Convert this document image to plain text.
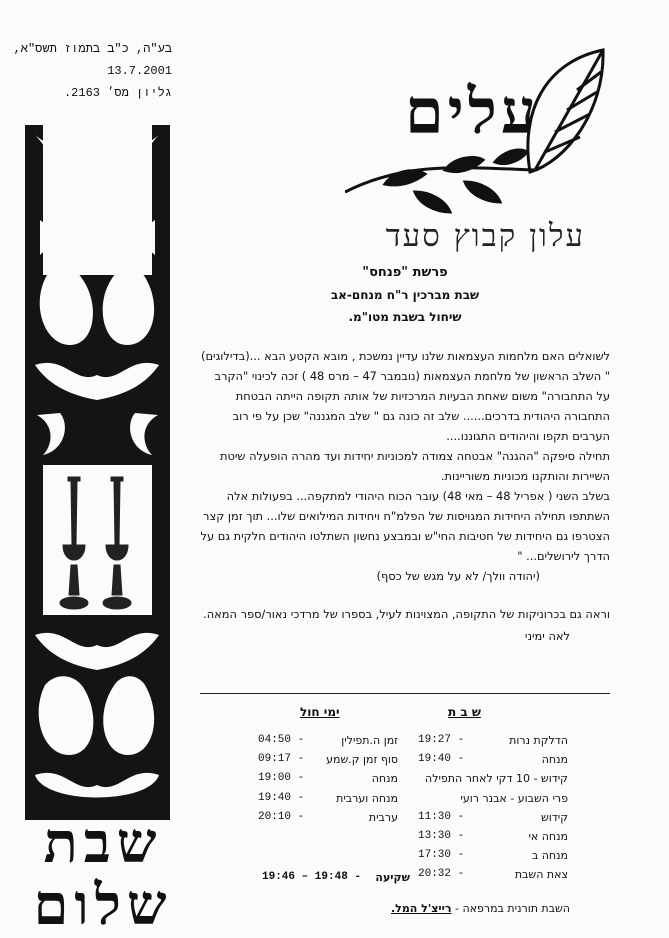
בע"ה, כ"ב בתמוז תשס"א,
13.7.2001
גליון מס׳ 2163.
שבת
שלום
עלים
עלון קבוץ סעד
פרשת "פנחס"
שבת מברכין ר"ח מנחם-אב
שיחול בשבת מטו"מ.

לשואלים האם מלחמות העצמאות שלנו עדיין נמשכת , מובא הקטע הבא ...(בדילוגים)

" השלב הראשון של מלחמת העצמאות (נובמבר 47 – מרס 48 ) זכה לכינוי "הקרב על התחבורה" משום שאחת הבעיות המרכזיות של אותה תקופה הייתה הבטחת התחבורה היהודית בדרכים...... שלב זה כונה גם " שלב המגננה" שכן על פי רוב הערבים תקפו והיהודים התגוננו....

תחילה סיפקה "ההגנה" אבטחה צמודה למכוניות יחידות ועד מהרה הופעלה שיטת השיירות והותקנו מכוניות משוריינות.

בשלב השני ( אפריל 48 – מאי 48) עובר הכוח היהודי למתקפה... בפעולות אלה השתתפו תחילה היחידות המגויסות של הפלמ"ח ויחידות המילואים שלו... תוך זמן קצר הצטרפו גם היחידות של חטיבות החי"ש ובמבצע נחשון השתלטו היהודים חלקית גם על הדרך לירושלים... "

(יהודה וולך/ לא על מגש של כסף)

וראה גם בכרוניקות של התקופה, המצוינות לעיל, בספרו של מרדכי נאור/ספר המאה.

לאה ימיני

ש ב ת
הדלקת נרות
19:27 -
מנחה
19:40 -
קידוש - 10 דקי לאחר התפילה
פרי השבוע - אבנר רועי
קידוש
11:30 -
מנחה אי
13:30 -
מנחה ב
17:30 -
צאת השבת
20:32 -
ימי חול
זמן ה.תפילין
04:50 -
סוף זמן ק.שמע
09:17 -
מנחה
19:00 -
מנחה וערבית
19:40 -
ערבית
20:10 -
שקיעה
19:46 – 19:48 -
השבת תורנית במרפאה - רייצ'ל המל.
